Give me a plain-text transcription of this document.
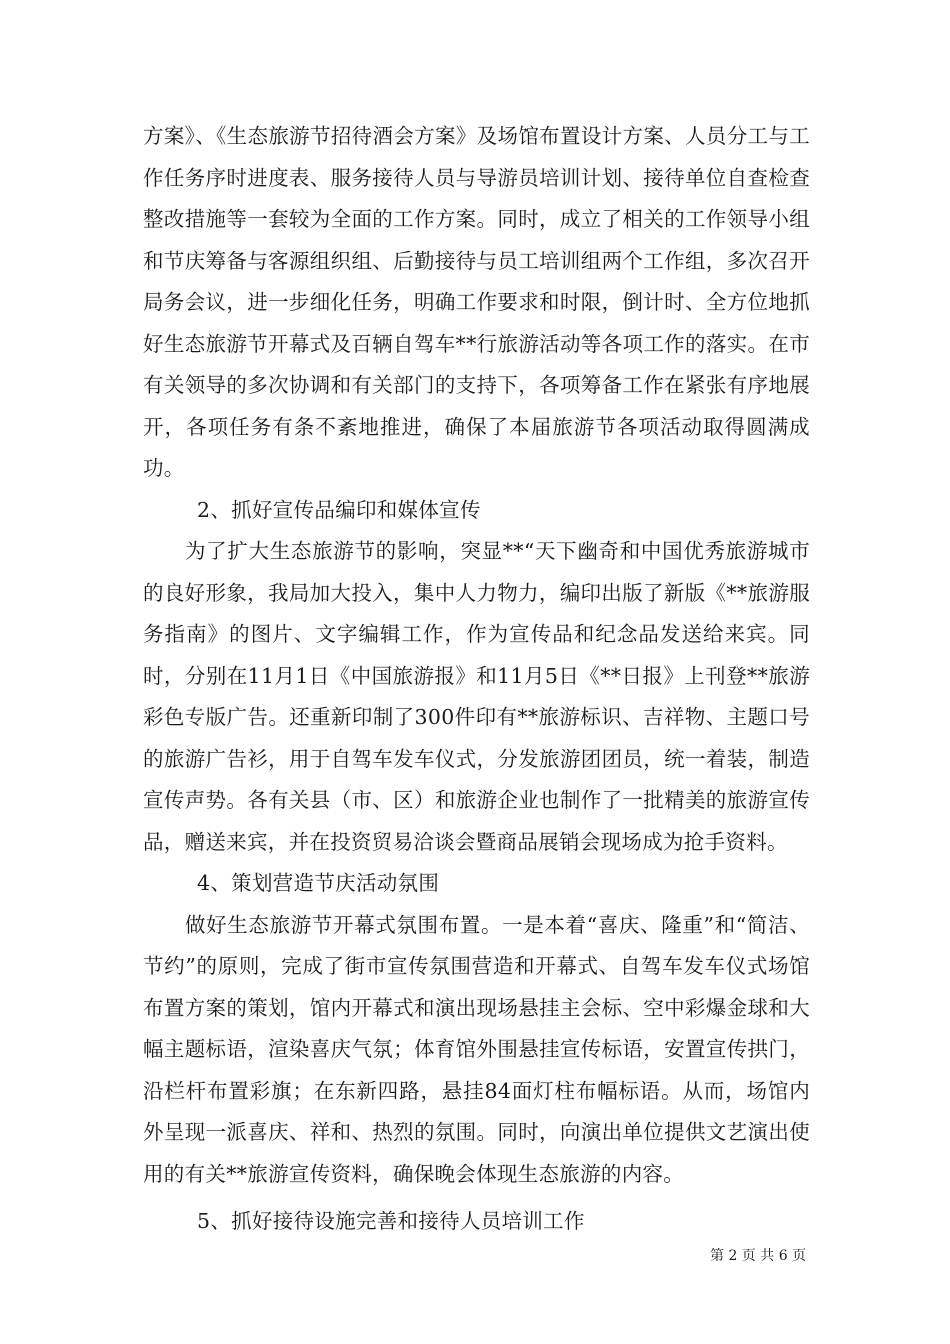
方案》、《生态旅游节招待酒会方案》及场馆布置设计方案、人员分工与工作任务序时进度表、服务接待人员与导游员培训计划、接待单位自查检查整改措施等一套较为全面的工作方案。同时，成立了相关的工作领导小组和节庆筹备与客源组织组、后勤接待与员工培训组两个工作组，多次召开局务会议，进一步细化任务，明确工作要求和时限，倒计时、全方位地抓好生态旅游节开幕式及百辆自驾车**行旅游活动等各项工作的落实。在市有关领导的多次协调和有关部门的支持下，各项筹备工作在紧张有序地展开，各项任务有条不紊地推进，确保了本届旅游节各项活动取得圆满成功。

2、抓好宣传品编印和媒体宣传

为了扩大生态旅游节的影响，突显**“天下幽奇和中国优秀旅游城市的良好形象，我局加大投入，集中人力物力，编印出版了新版《**旅游服务指南》的图片、文字编辑工作，作为宣传品和纪念品发送给来宾。同时，分别在11月1日《中国旅游报》和11月5日《**日报》上刊登**旅游彩色专版广告。还重新印制了300件印有**旅游标识、吉祥物、主题口号的旅游广告衫，用于自驾车发车仪式，分发旅游团团员，统一着装，制造宣传声势。各有关县（市、区）和旅游企业也制作了一批精美的旅游宣传品，赠送来宾，并在投资贸易洽谈会暨商品展销会现场成为抢手资料。

4、策划营造节庆活动氛围

做好生态旅游节开幕式氛围布置。一是本着“喜庆、隆重”和“简洁、节约”的原则，完成了街市宣传氛围营造和开幕式、自驾车发车仪式场馆布置方案的策划，馆内开幕式和演出现场悬挂主会标、空中彩爆金球和大幅主题标语，渲染喜庆气氛；体育馆外围悬挂宣传标语，安置宣传拱门，沿栏杆布置彩旗；在东新四路，悬挂84面灯柱布幅标语。从而，场馆内外呈现一派喜庆、祥和、热烈的氛围。同时，向演出单位提供文艺演出使用的有关**旅游宣传资料，确保晚会体现生态旅游的内容。

5、抓好接待设施完善和接待人员培训工作

第 2 页 共 6 页
